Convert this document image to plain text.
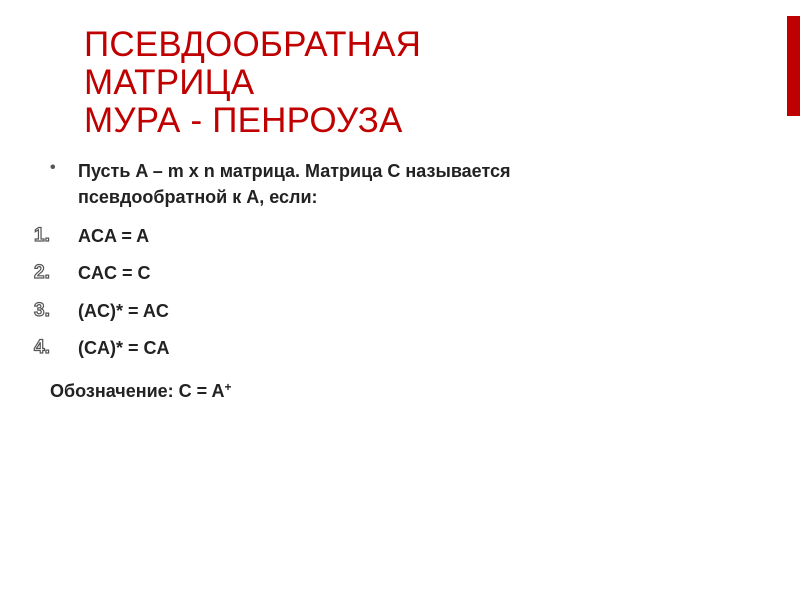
ПСЕВДООБРАТНАЯ
МАТРИЦА
МУРА - ПЕНРОУЗА
• Пусть A – m x n матрица. Матрица С называется псевдообратной к A, если:
1. ACA = A
2. CAC = C
3. (AC)* = AC
4. (CA)* = CA
Обозначение: C = A+
